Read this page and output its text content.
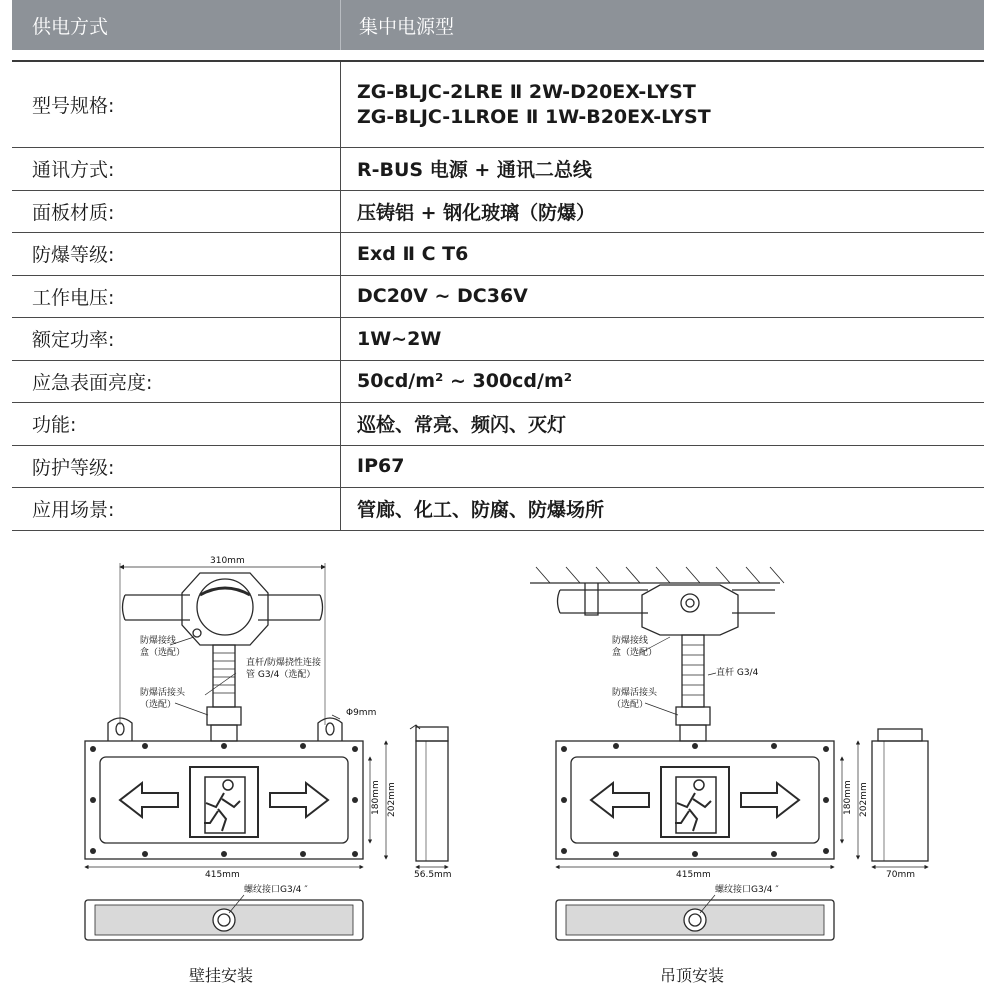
供电方式	集中电源型
型号规格:
ZG-BLJC-2LRE Ⅱ 2W-D20EX-LYST
ZG-BLJC-1LROE Ⅱ 1W-B20EX-LYST
通讯方式:	R-BUS 电源 + 通讯二总线
面板材质:	压铸铝 + 钢化玻璃（防爆）
防爆等级:	Exd Ⅱ C T6
工作电压:	DC20V ~ DC36V
额定功率:	1W~2W
应急表面亮度:	50cd/m² ~ 300cd/m²
功能:	巡检、常亮、频闪、灭灯
防护等级:	IP67
应用场景:	管廊、化工、防腐、防爆场所
310mm
防爆接线
盒（选配）
直杆/防爆挠性连接
管 G3/4（选配）
防爆活接头
（选配）
Φ9mm
415mm
180mm 202mm
56.5mm
螺纹接口G3/4 ″
防爆接线
盒（选配）
直杆 G3/4
防爆活接头
（选配）
415mm
180mm 202mm
70mm
螺纹接口G3/4 ″
壁挂安装	吊顶安装
